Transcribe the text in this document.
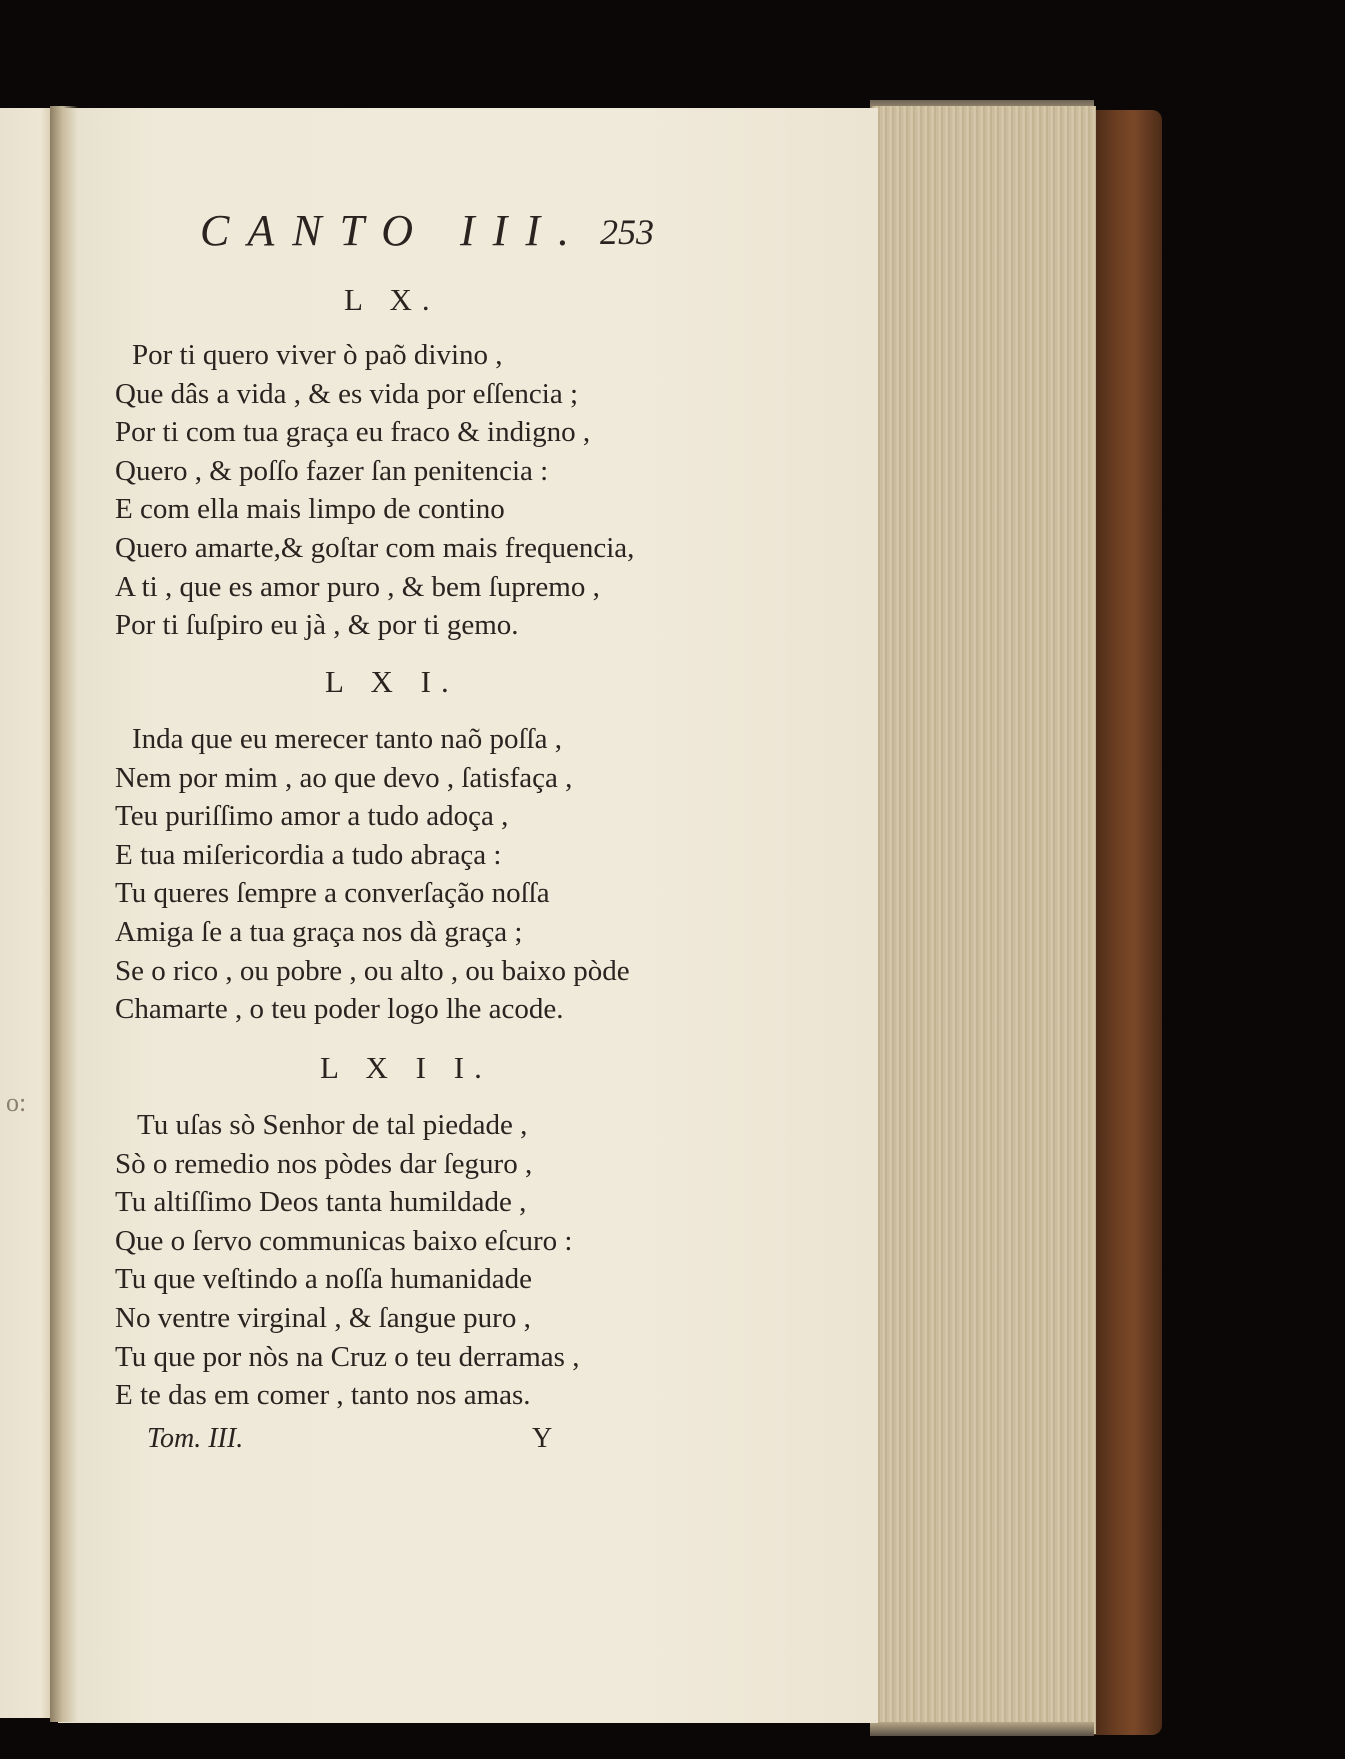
o:
CANTO III. 253
L X.
Por ti quero viver ò paõ divino ,
Que dâs a vida , & es vida por eſſencia ;
Por ti com tua graça eu fraco & indigno ,
Quero , & poſſo fazer ſan penitencia :
E com ella mais limpo de contino
Quero amarte,& goſtar com mais frequencia,
A ti , que es amor puro , & bem ſupremo ,
Por ti ſuſpiro eu jà , & por ti gemo.
L X I.
Inda que eu merecer tanto naõ poſſa ,
Nem por mim , ao que devo , ſatisfaça ,
Teu puriſſimo amor a tudo adoça ,
E tua miſericordia a tudo abraça :
Tu queres ſempre a converſação noſſa
Amiga ſe a tua graça nos dà graça ;
Se o rico , ou pobre , ou alto , ou baixo pòde
Chamarte , o teu poder logo lhe acode.
L X I I.
Tu uſas sò Senhor de tal piedade ,
Sò o remedio nos pòdes dar ſeguro ,
Tu altiſſimo Deos tanta humildade ,
Que o ſervo communicas baixo eſcuro :
Tu que veſtindo a noſſa humanidade
No ventre virginal , & ſangue puro ,
Tu que por nòs na Cruz o teu derramas ,
E te das em comer , tanto nos amas.
Tom. III.	Y
